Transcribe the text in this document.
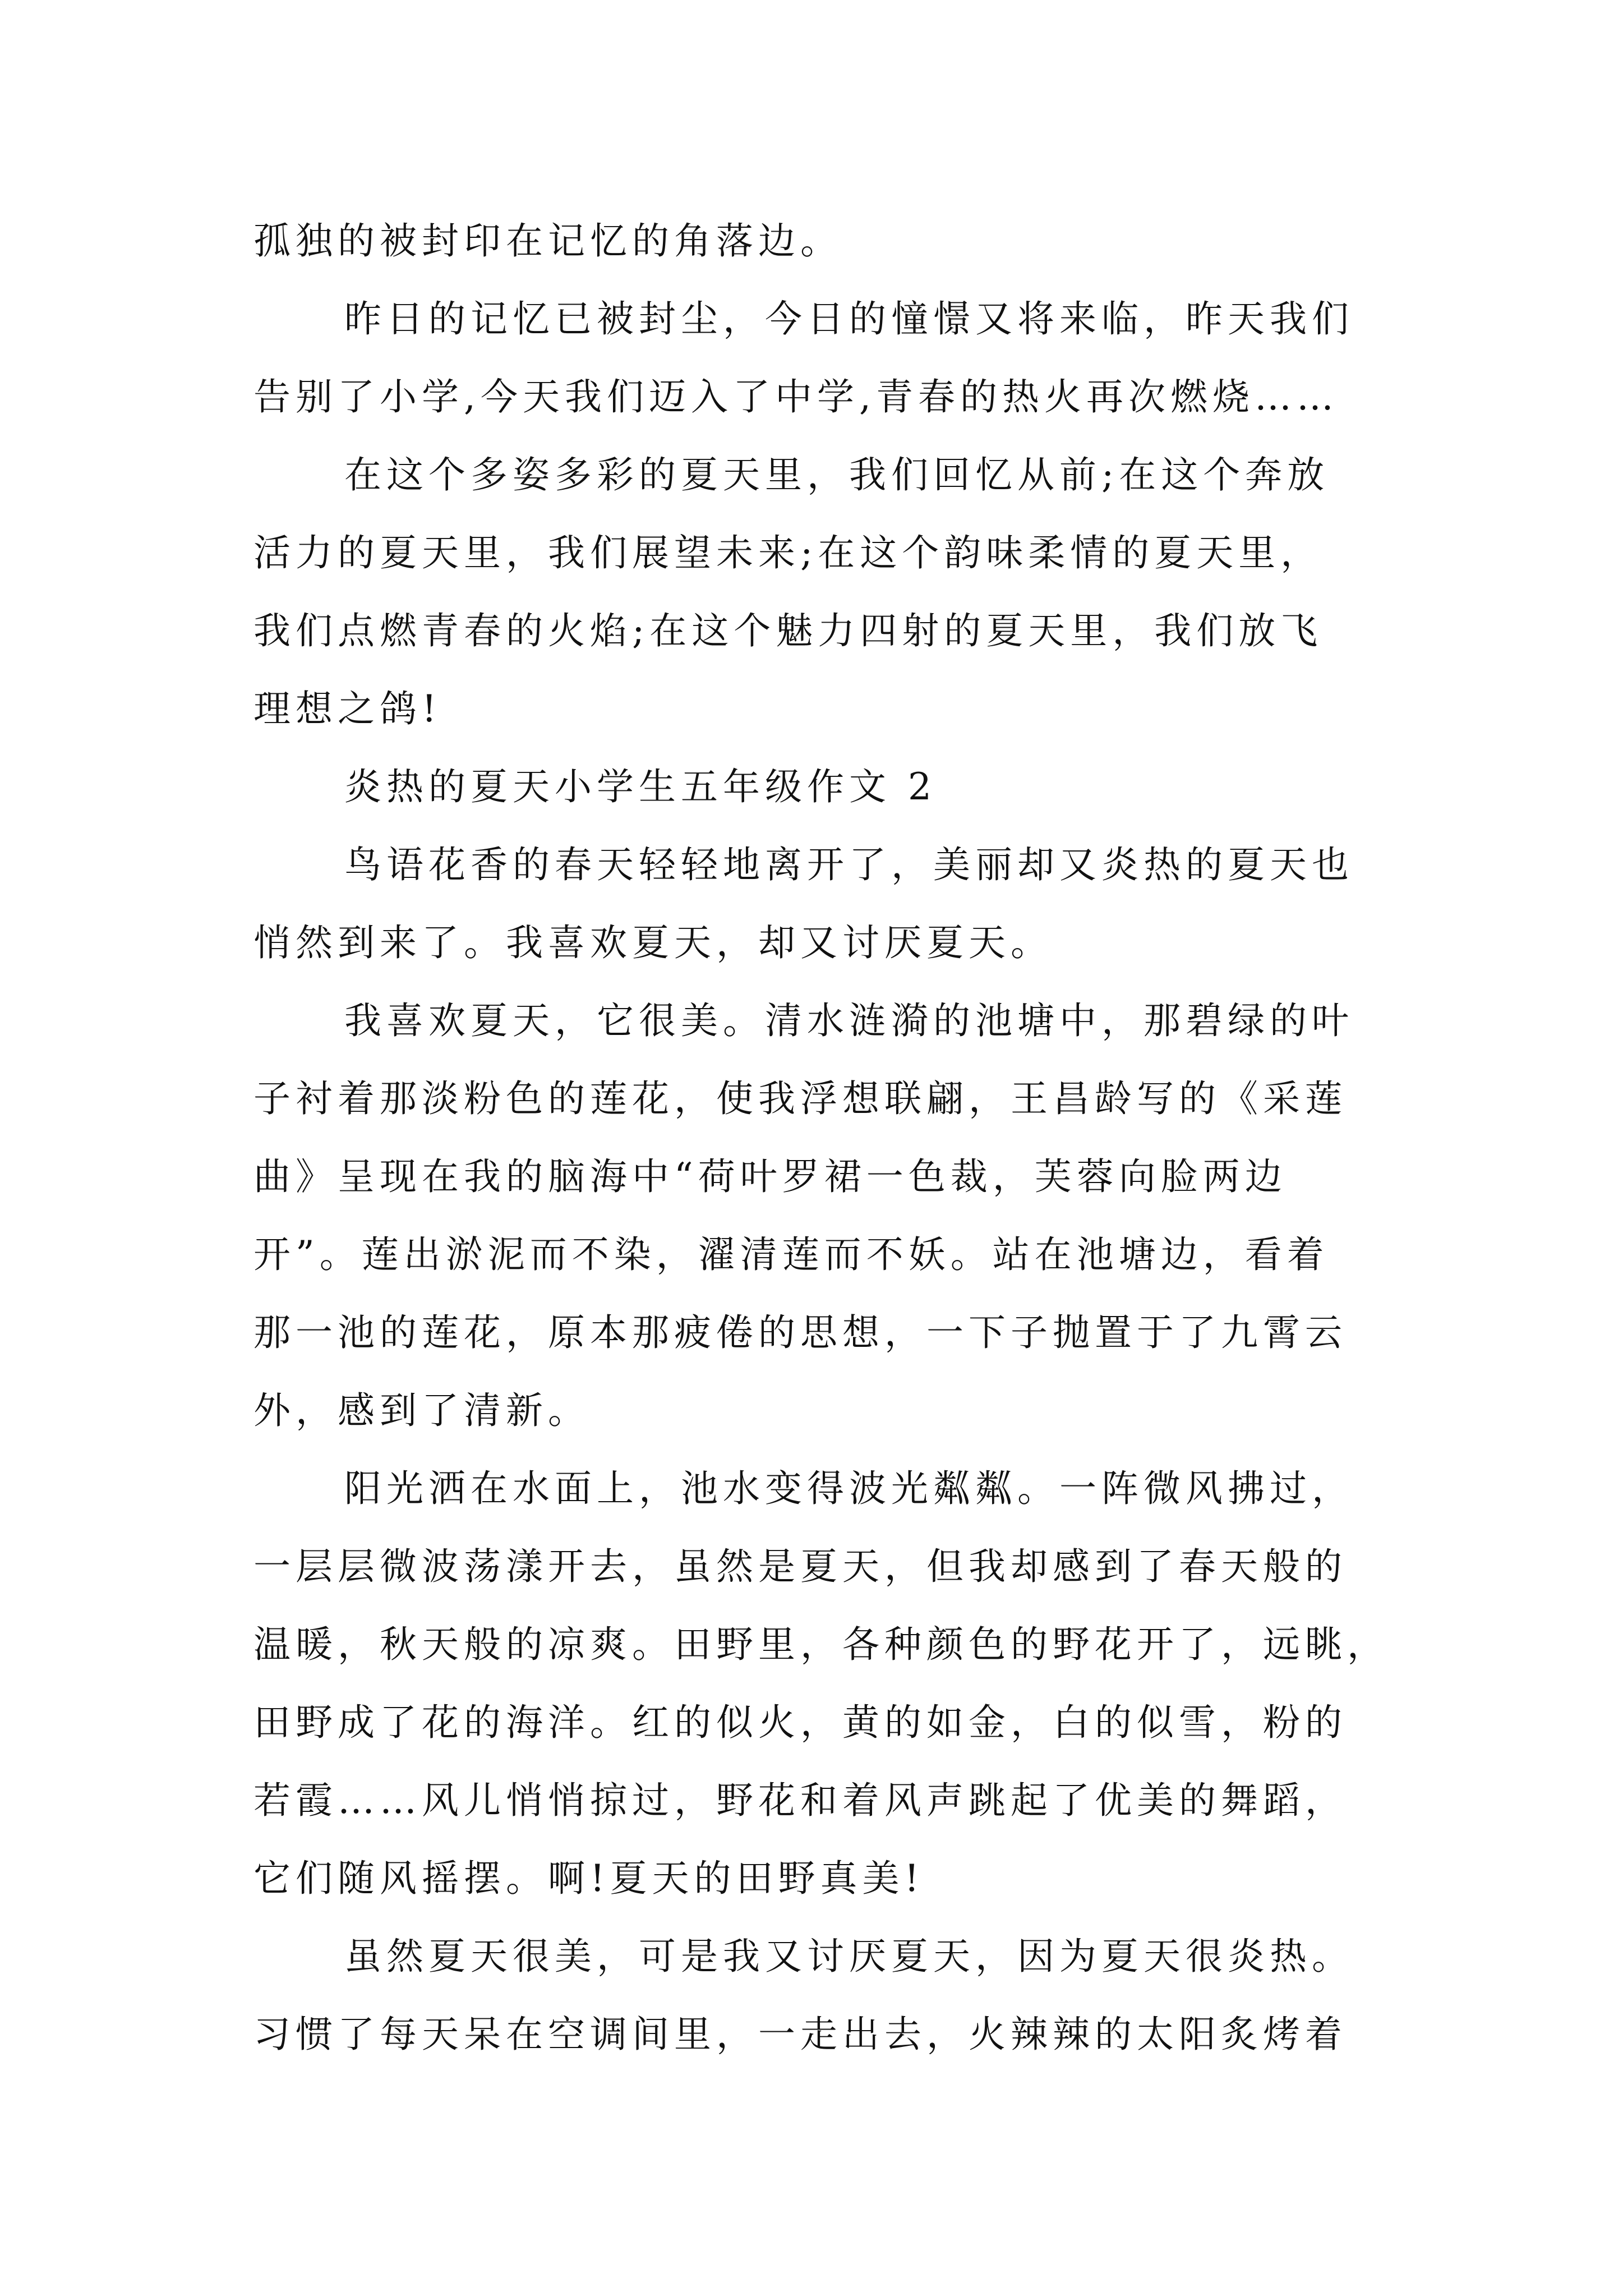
孤独的被封印在记忆的角落边。
昨日的记忆已被封尘，今日的憧憬又将来临，昨天我们
告别了小学,今天我们迈入了中学,青春的热火再次燃烧……
在这个多姿多彩的夏天里，我们回忆从前;在这个奔放
活力的夏天里，我们展望未来;在这个韵味柔情的夏天里，
我们点燃青春的火焰;在这个魅力四射的夏天里，我们放飞
理想之鸽!
炎热的夏天小学生五年级作文 2
鸟语花香的春天轻轻地离开了，美丽却又炎热的夏天也
悄然到来了。我喜欢夏天，却又讨厌夏天。
我喜欢夏天，它很美。清水涟漪的池塘中，那碧绿的叶
子衬着那淡粉色的莲花，使我浮想联翩，王昌龄写的《采莲
曲》呈现在我的脑海中“荷叶罗裙一色裁，芙蓉向脸两边
开”。莲出淤泥而不染，濯清莲而不妖。站在池塘边，看着
那一池的莲花，原本那疲倦的思想，一下子抛置于了九霄云
外，感到了清新。
阳光洒在水面上，池水变得波光粼粼。一阵微风拂过，
一层层微波荡漾开去，虽然是夏天，但我却感到了春天般的
温暖，秋天般的凉爽。田野里，各种颜色的野花开了，远眺，
田野成了花的海洋。红的似火，黄的如金，白的似雪，粉的
若霞……风儿悄悄掠过，野花和着风声跳起了优美的舞蹈，
它们随风摇摆。啊!夏天的田野真美!
虽然夏天很美，可是我又讨厌夏天，因为夏天很炎热。
习惯了每天呆在空调间里，一走出去，火辣辣的太阳炙烤着
